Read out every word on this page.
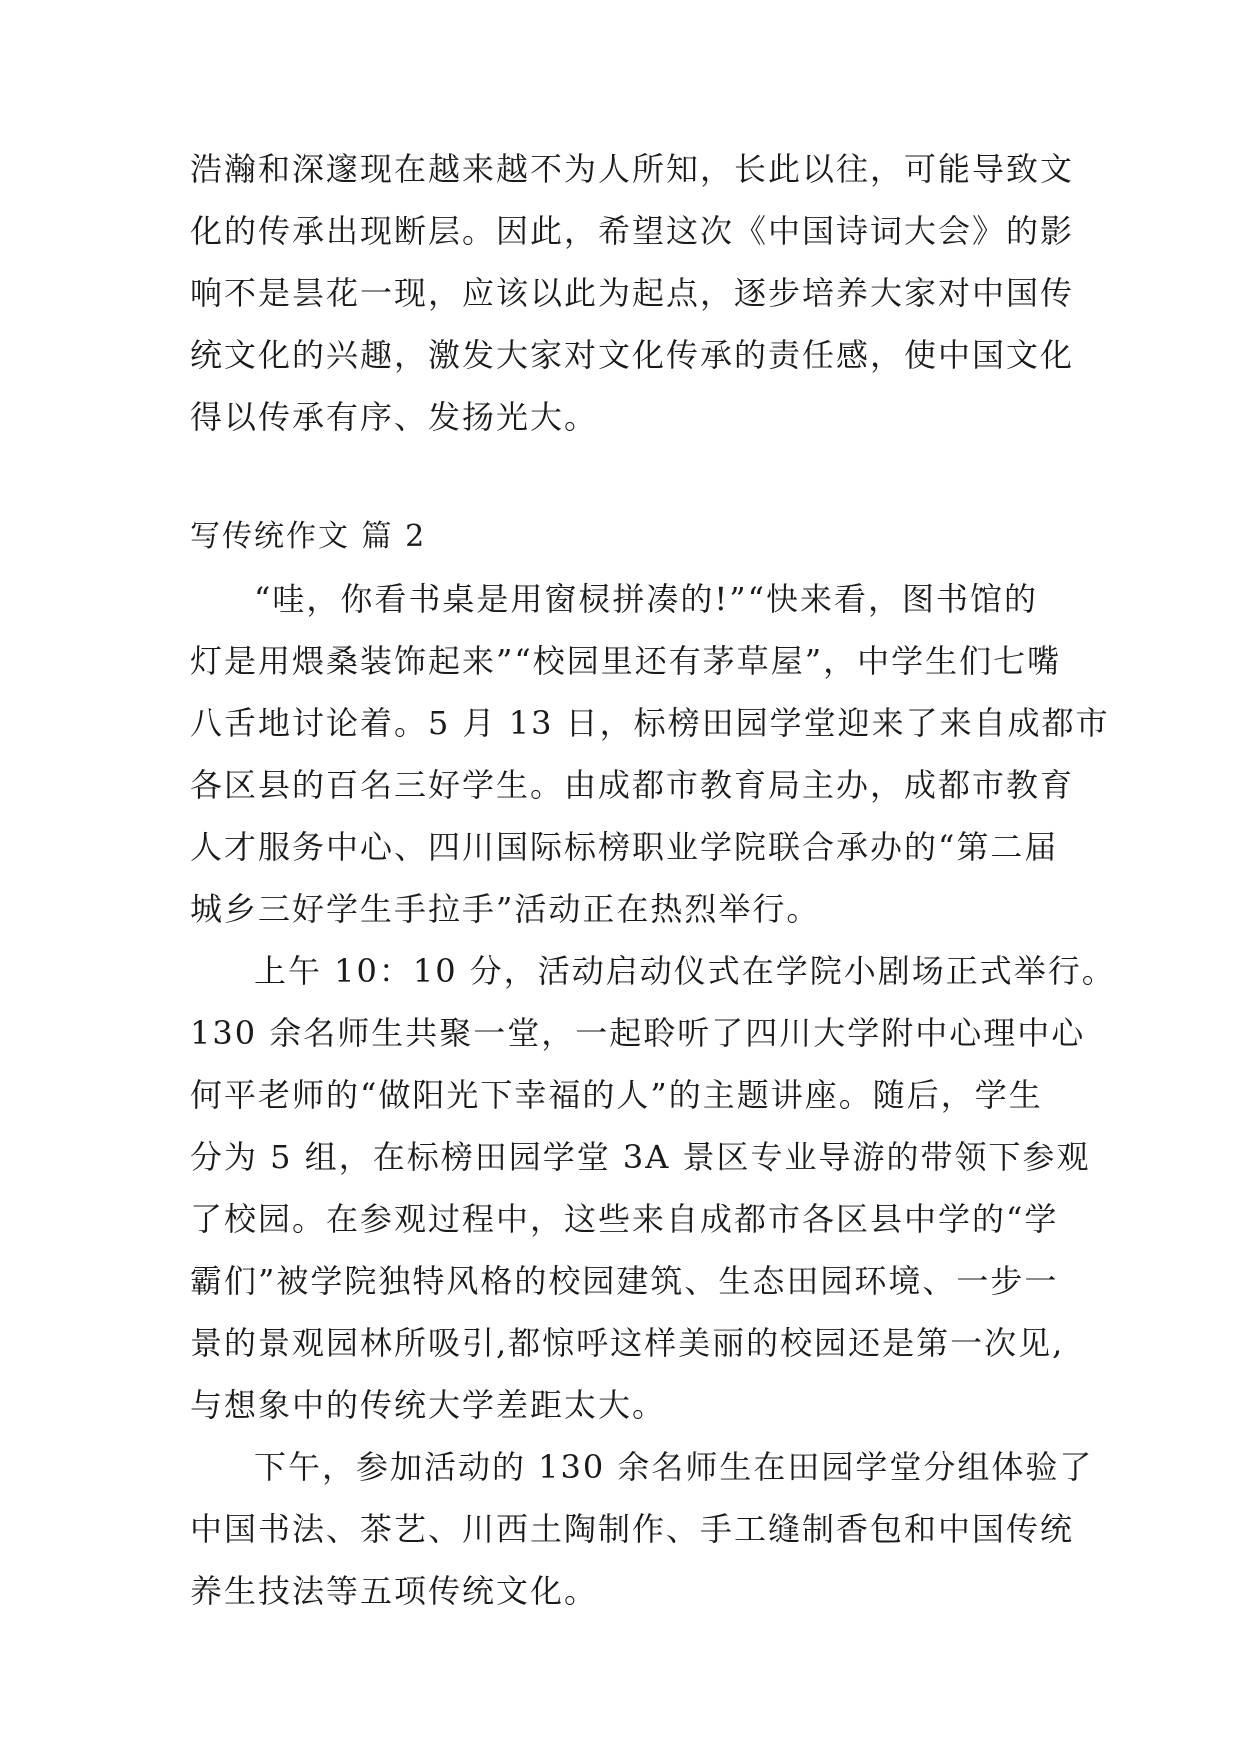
浩瀚和深邃现在越来越不为人所知，长此以往，可能导致文
化的传承出现断层。因此，希望这次《中国诗词大会》的影
响不是昙花一现，应该以此为起点，逐步培养大家对中国传
统文化的兴趣，激发大家对文化传承的责任感，使中国文化
得以传承有序、发扬光大。
写传统作文 篇 2
“哇，你看书桌是用窗棂拼凑的!”“快来看，图书馆的
灯是用煨桑装饰起来”“校园里还有茅草屋”，中学生们七嘴
八舌地讨论着。5 月 13 日，标榜田园学堂迎来了来自成都市
各区县的百名三好学生。由成都市教育局主办，成都市教育
人才服务中心、四川国际标榜职业学院联合承办的“第二届
城乡三好学生手拉手”活动正在热烈举行。
上午 10：10 分，活动启动仪式在学院小剧场正式举行。
130 余名师生共聚一堂，一起聆听了四川大学附中心理中心
何平老师的“做阳光下幸福的人”的主题讲座。随后，学生
分为 5 组，在标榜田园学堂 3A 景区专业导游的带领下参观
了校园。在参观过程中，这些来自成都市各区县中学的“学
霸们”被学院独特风格的校园建筑、生态田园环境、一步一
景的景观园林所吸引,都惊呼这样美丽的校园还是第一次见,
与想象中的传统大学差距太大。
下午，参加活动的 130 余名师生在田园学堂分组体验了
中国书法、茶艺、川西土陶制作、手工缝制香包和中国传统
养生技法等五项传统文化。
